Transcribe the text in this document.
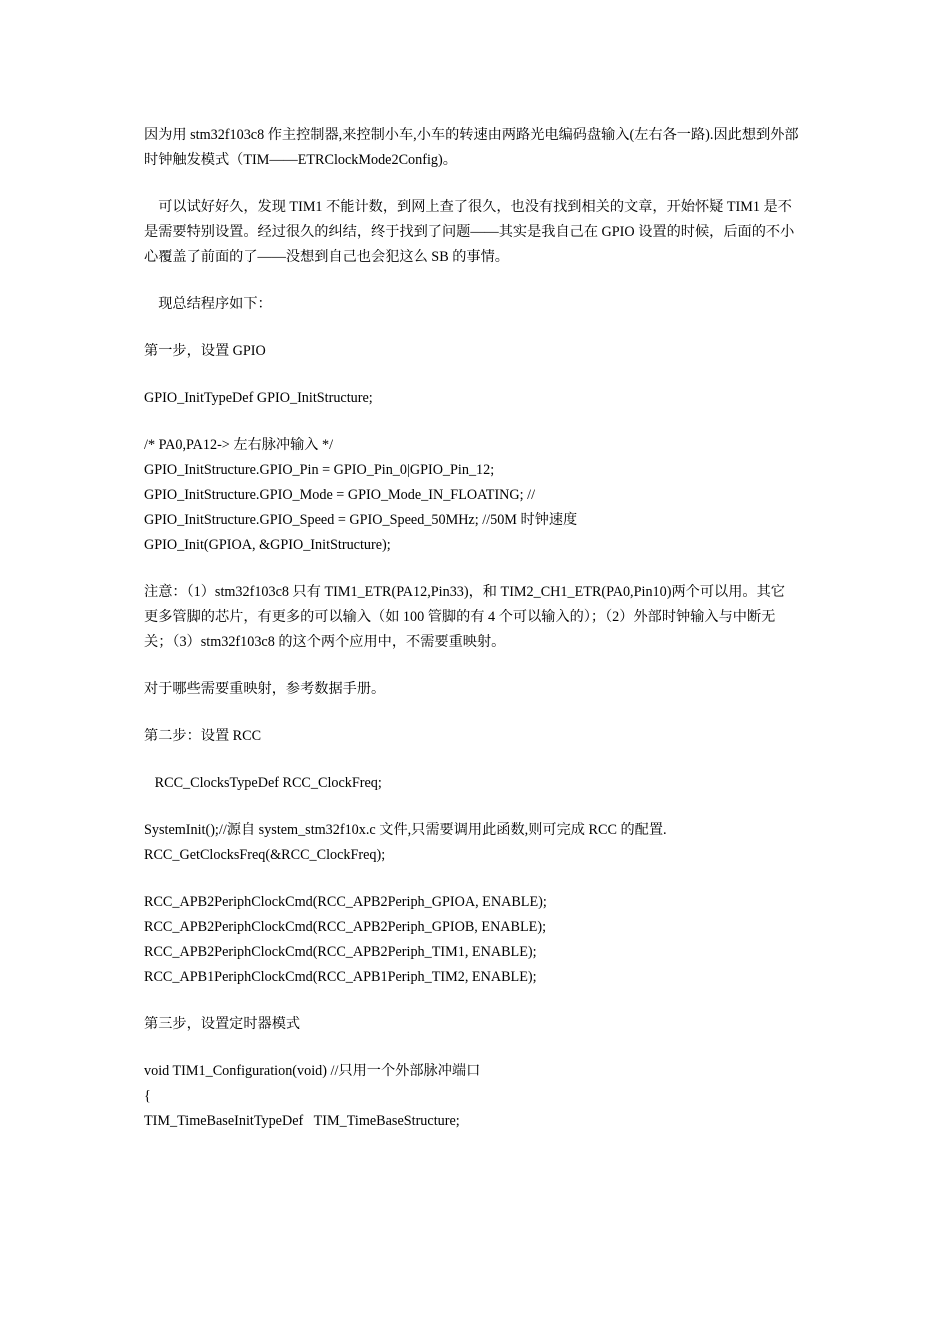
因为用 stm32f103c8 作主控制器,来控制小车,小车的转速由两路光电编码盘输入(左右各一路).因此想到外部
时钟触发模式（TIM——ETRClockMode2Config)。
可以试好好久，发现 TIM1 不能计数，到网上查了很久，也没有找到相关的文章，开始怀疑 TIM1 是不
是需要特别设置。经过很久的纠结，终于找到了问题——其实是我自己在 GPIO 设置的时候，后面的不小
心覆盖了前面的了——没想到自己也会犯这么 SB 的事情。
现总结程序如下：
第一步，设置 GPIO
GPIO_InitTypeDef GPIO_InitStructure;
/* PA0,PA12-> 左右脉冲输入 */
GPIO_InitStructure.GPIO_Pin = GPIO_Pin_0|GPIO_Pin_12;
GPIO_InitStructure.GPIO_Mode = GPIO_Mode_IN_FLOATING; //
GPIO_InitStructure.GPIO_Speed = GPIO_Speed_50MHz; //50M 时钟速度
GPIO_Init(GPIOA, &GPIO_InitStructure);
注意：（1）stm32f103c8 只有 TIM1_ETR(PA12,Pin33)，和 TIM2_CH1_ETR(PA0,Pin10)两个可以用。其它
更多管脚的芯片，有更多的可以输入（如 100 管脚的有 4 个可以输入的）；（2）外部时钟输入与中断无
关；（3）stm32f103c8 的这个两个应用中，不需要重映射。
对于哪些需要重映射，参考数据手册。
第二步：设置 RCC
RCC_ClocksTypeDef RCC_ClockFreq;
SystemInit();//源自 system_stm32f10x.c 文件,只需要调用此函数,则可完成 RCC 的配置.
RCC_GetClocksFreq(&RCC_ClockFreq);
RCC_APB2PeriphClockCmd(RCC_APB2Periph_GPIOA, ENABLE);
RCC_APB2PeriphClockCmd(RCC_APB2Periph_GPIOB, ENABLE);
RCC_APB2PeriphClockCmd(RCC_APB2Periph_TIM1, ENABLE);
RCC_APB1PeriphClockCmd(RCC_APB1Periph_TIM2, ENABLE);
第三步，设置定时器模式
void TIM1_Configuration(void) //只用一个外部脉冲端口
{
TIM_TimeBaseInitTypeDef   TIM_TimeBaseStructure;
